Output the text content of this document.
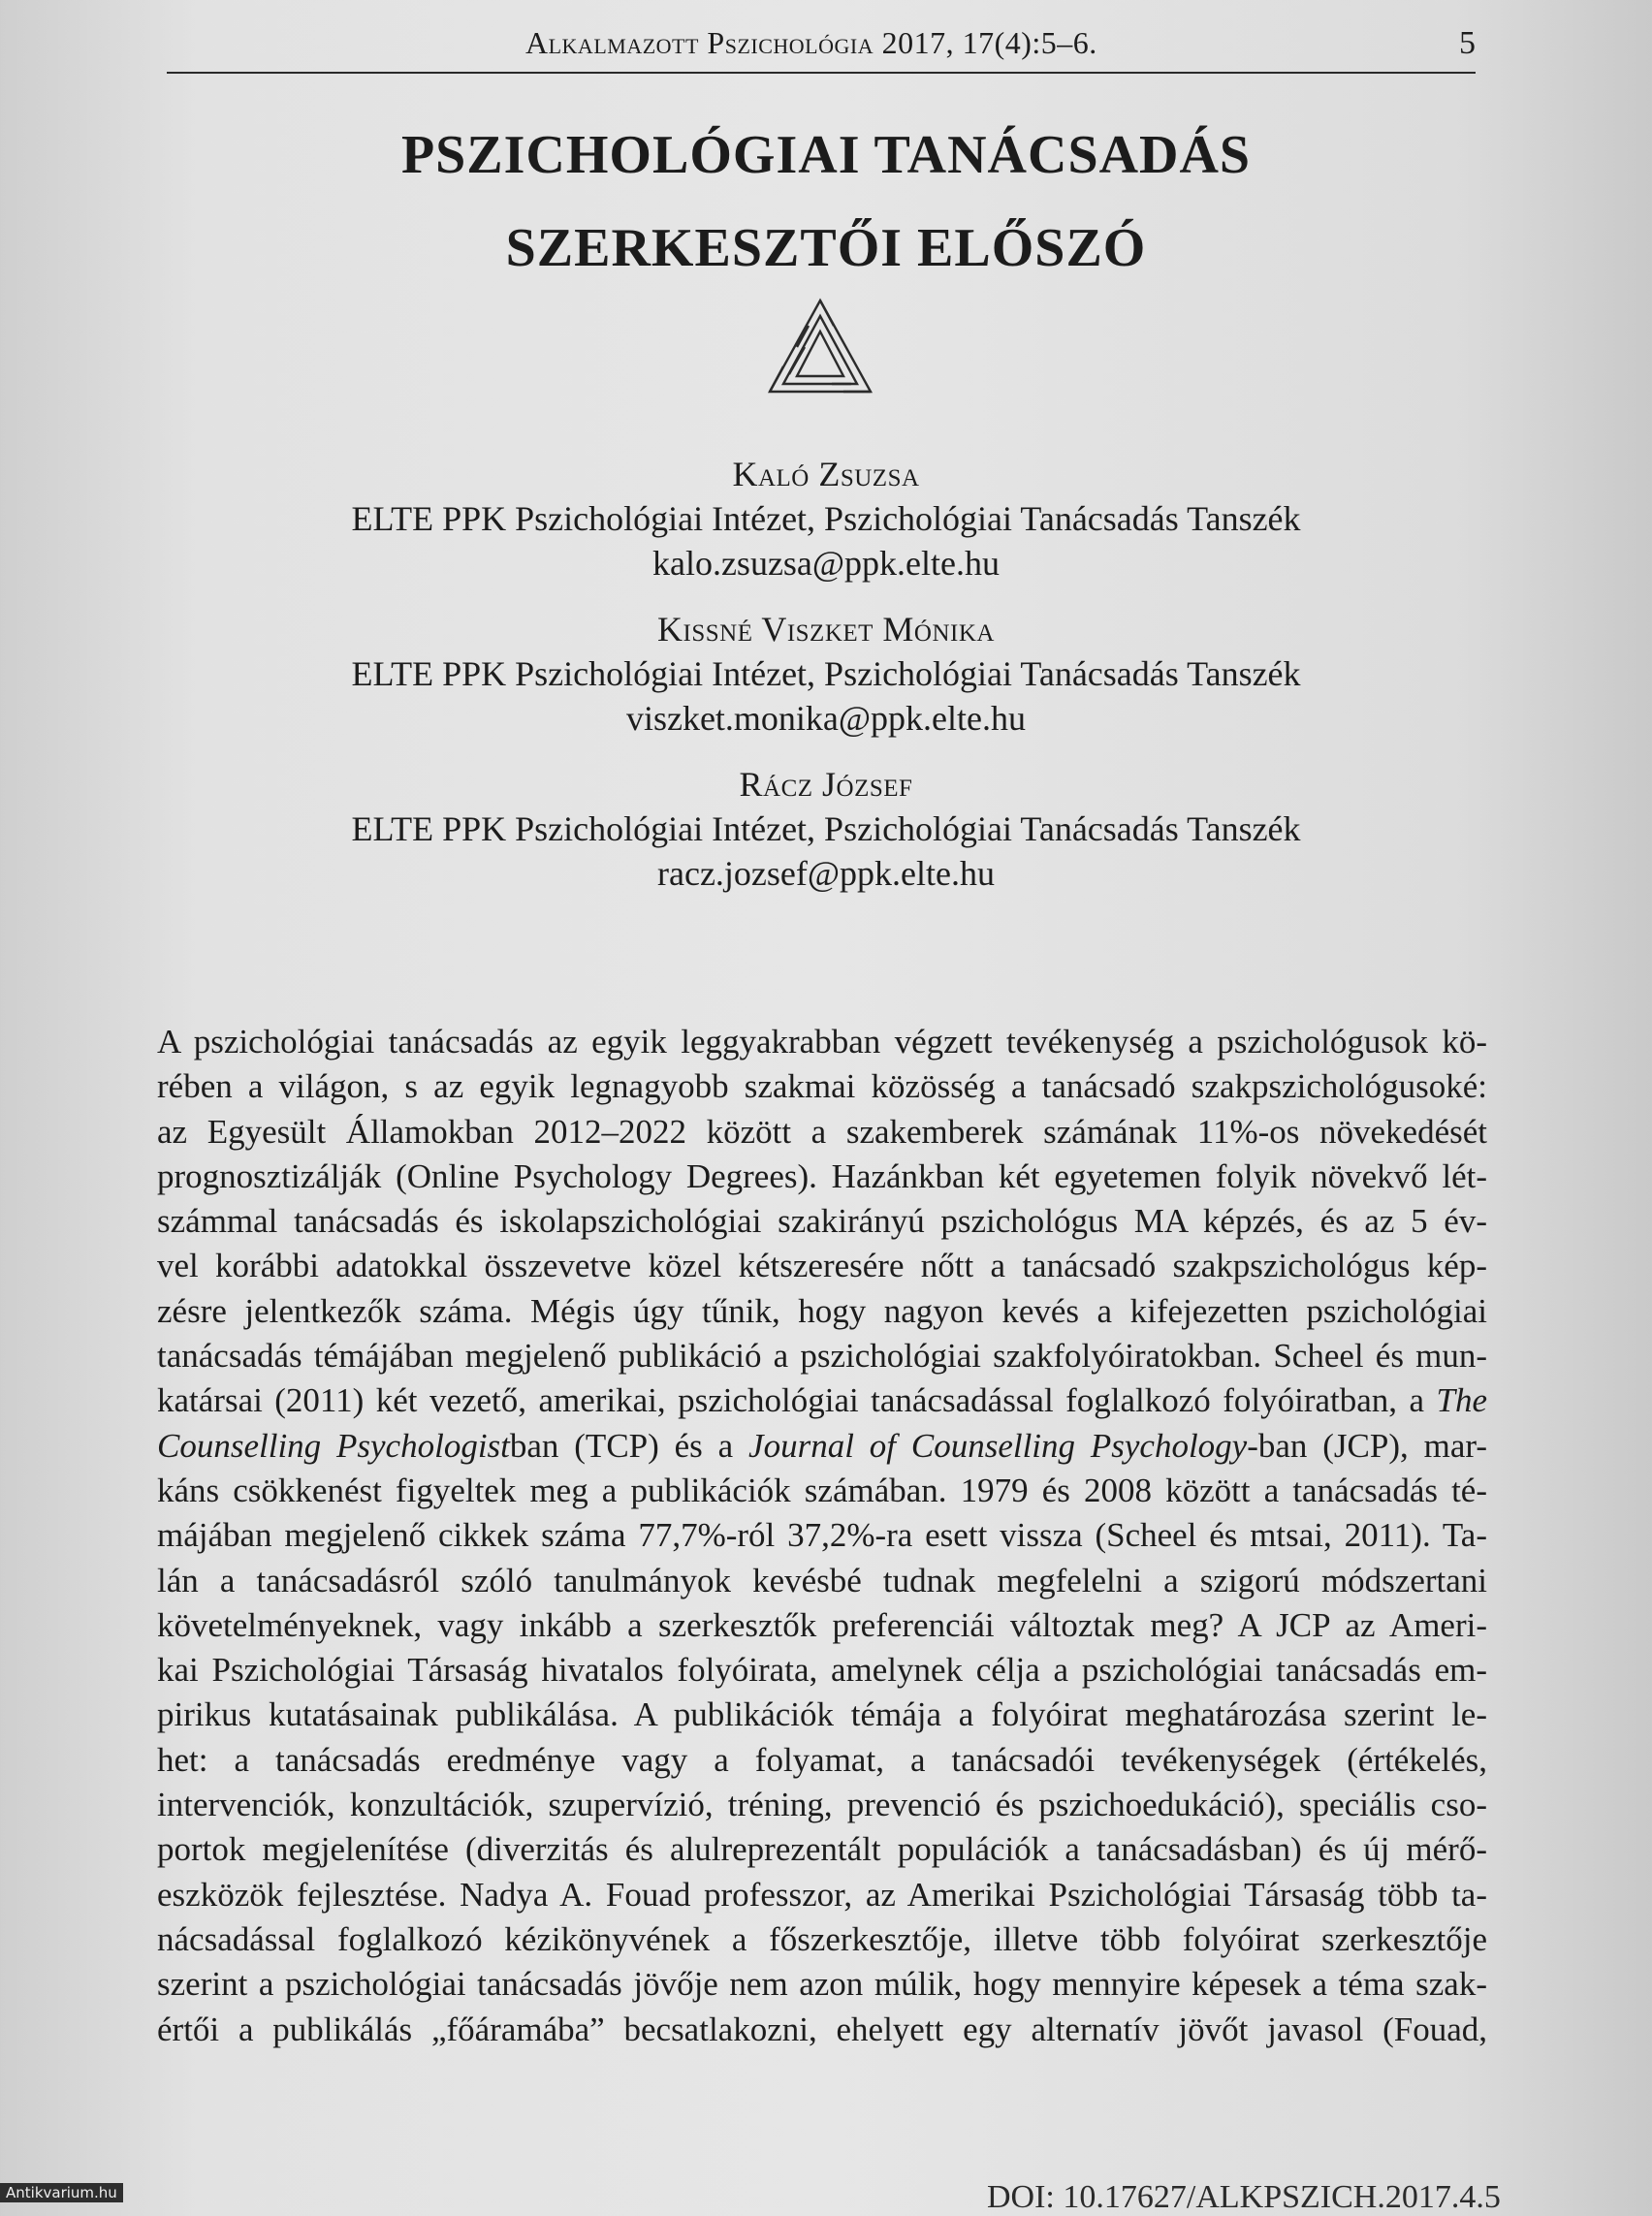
Alkalmazott Pszichológia 2017, 17(4):5–6.	5
PSZICHOLÓGIAI TANÁCSADÁS
SZERKESZTŐI ELŐSZÓ
Kaló Zsuzsa
ELTE PPK Pszichológiai Intézet, Pszichológiai Tanácsadás Tanszék
kalo.zsuzsa@ppk.elte.hu
Kissné Viszket Mónika
ELTE PPK Pszichológiai Intézet, Pszichológiai Tanácsadás Tanszék
viszket.monika@ppk.elte.hu
Rácz József
ELTE PPK Pszichológiai Intézet, Pszichológiai Tanácsadás Tanszék
racz.jozsef@ppk.elte.hu
A pszichológiai tanácsadás az egyik leggyakrabban végzett tevékenység a pszichológusok kö-
rében a világon, s az egyik legnagyobb szakmai közösség a tanácsadó szakpszichológusoké:
az Egyesült Államokban 2012–2022 között a szakemberek számának 11%-os növekedését
prognosztizálják (Online Psychology Degrees). Hazánkban két egyetemen folyik növekvő lét-
számmal tanácsadás és iskolapszichológiai szakirányú pszichológus MA képzés, és az 5 év-
vel korábbi adatokkal összevetve közel kétszeresére nőtt a tanácsadó szakpszichológus kép-
zésre jelentkezők száma. Mégis úgy tűnik, hogy nagyon kevés a kifejezetten pszichológiai
tanácsadás témájában megjelenő publikáció a pszichológiai szakfolyóiratokban. Scheel és mun-
katársai (2011) két vezető, amerikai, pszichológiai tanácsadással foglalkozó folyóiratban, a The
Counselling Psychologistban (TCP) és a Journal of Counselling Psychology-ban (JCP), mar-
káns csökkenést figyeltek meg a publikációk számában. 1979 és 2008 között a tanácsadás té-
májában megjelenő cikkek száma 77,7%-ról 37,2%-ra esett vissza (Scheel és mtsai, 2011). Ta-
lán a tanácsadásról szóló tanulmányok kevésbé tudnak megfelelni a szigorú módszertani
követelményeknek, vagy inkább a szerkesztők preferenciái változtak meg? A JCP az Ameri-
kai Pszichológiai Társaság hivatalos folyóirata, amelynek célja a pszichológiai tanácsadás em-
pirikus kutatásainak publikálása. A publikációk témája a folyóirat meghatározása szerint le-
het: a tanácsadás eredménye vagy a folyamat, a tanácsadói tevékenységek (értékelés,
intervenciók, konzultációk, szupervízió, tréning, prevenció és pszichoedukáció), speciális cso-
portok megjelenítése (diverzitás és alulreprezentált populációk a tanácsadásban) és új mérő-
eszközök fejlesztése. Nadya A. Fouad professzor, az Amerikai Pszichológiai Társaság több ta-
nácsadással foglalkozó kézikönyvének a főszerkesztője, illetve több folyóirat szerkesztője
szerint a pszichológiai tanácsadás jövője nem azon múlik, hogy mennyire képesek a téma szak-
értői a publikálás „főáramába” becsatlakozni, ehelyett egy alternatív jövőt javasol (Fouad,
DOI: 10.17627/ALKPSZICH.2017.4.5
Antikvarium.hu
